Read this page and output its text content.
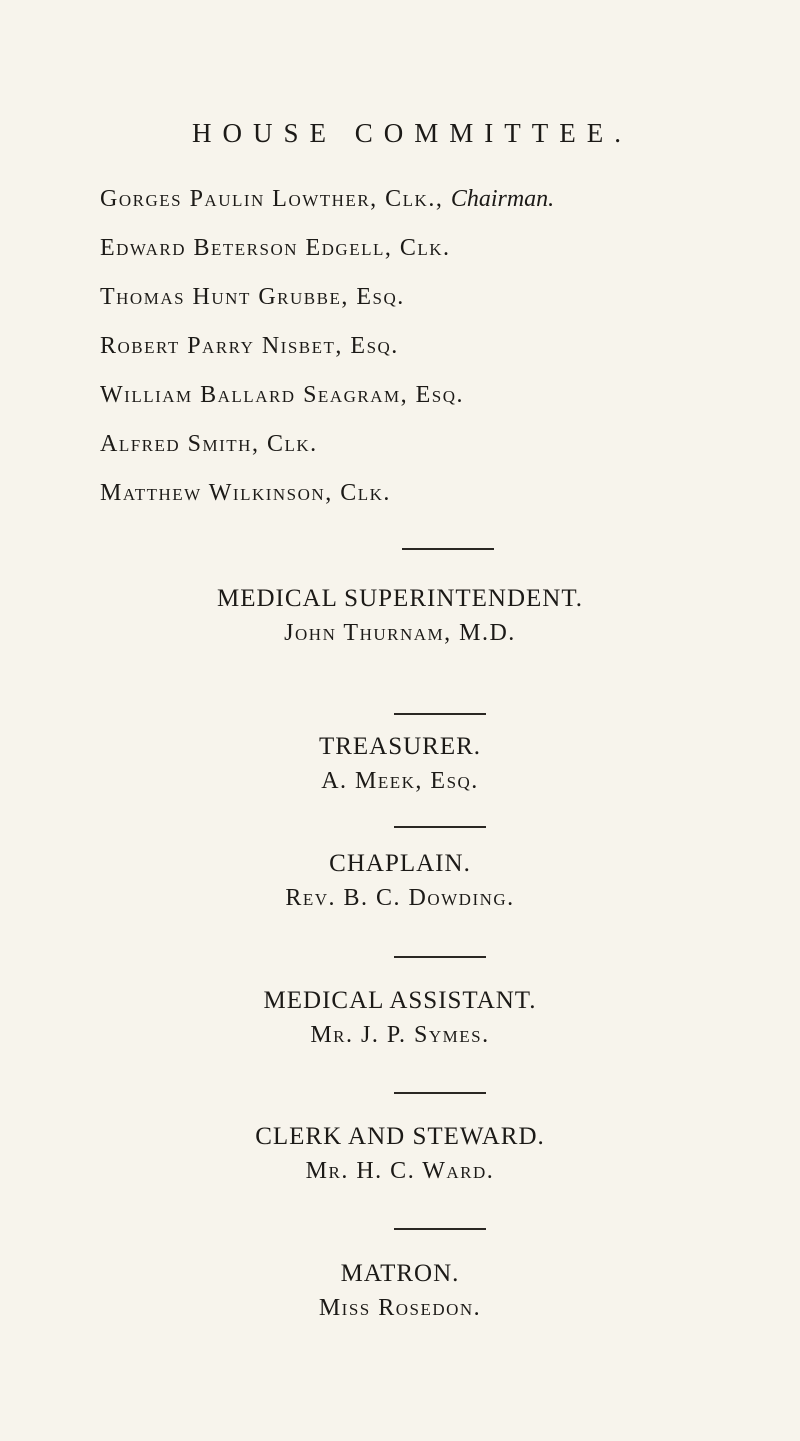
HOUSE COMMITTEE.
Gorges Paulin Lowther, Clk., Chairman.
Edward Beterson Edgell, Clk.
Thomas Hunt Grubbe, Esq.
Robert Parry Nisbet, Esq.
William Ballard Seagram, Esq.
Alfred Smith, Clk.
Matthew Wilkinson, Clk.
MEDICAL SUPERINTENDENT.
John Thurnam, M.D.
TREASURER.
A. Meek, Esq.
CHAPLAIN.
Rev. B. C. Dowding.
MEDICAL ASSISTANT.
Mr. J. P. Symes.
CLERK AND STEWARD.
Mr. H. C. Ward.
MATRON.
Miss Rosedon.
